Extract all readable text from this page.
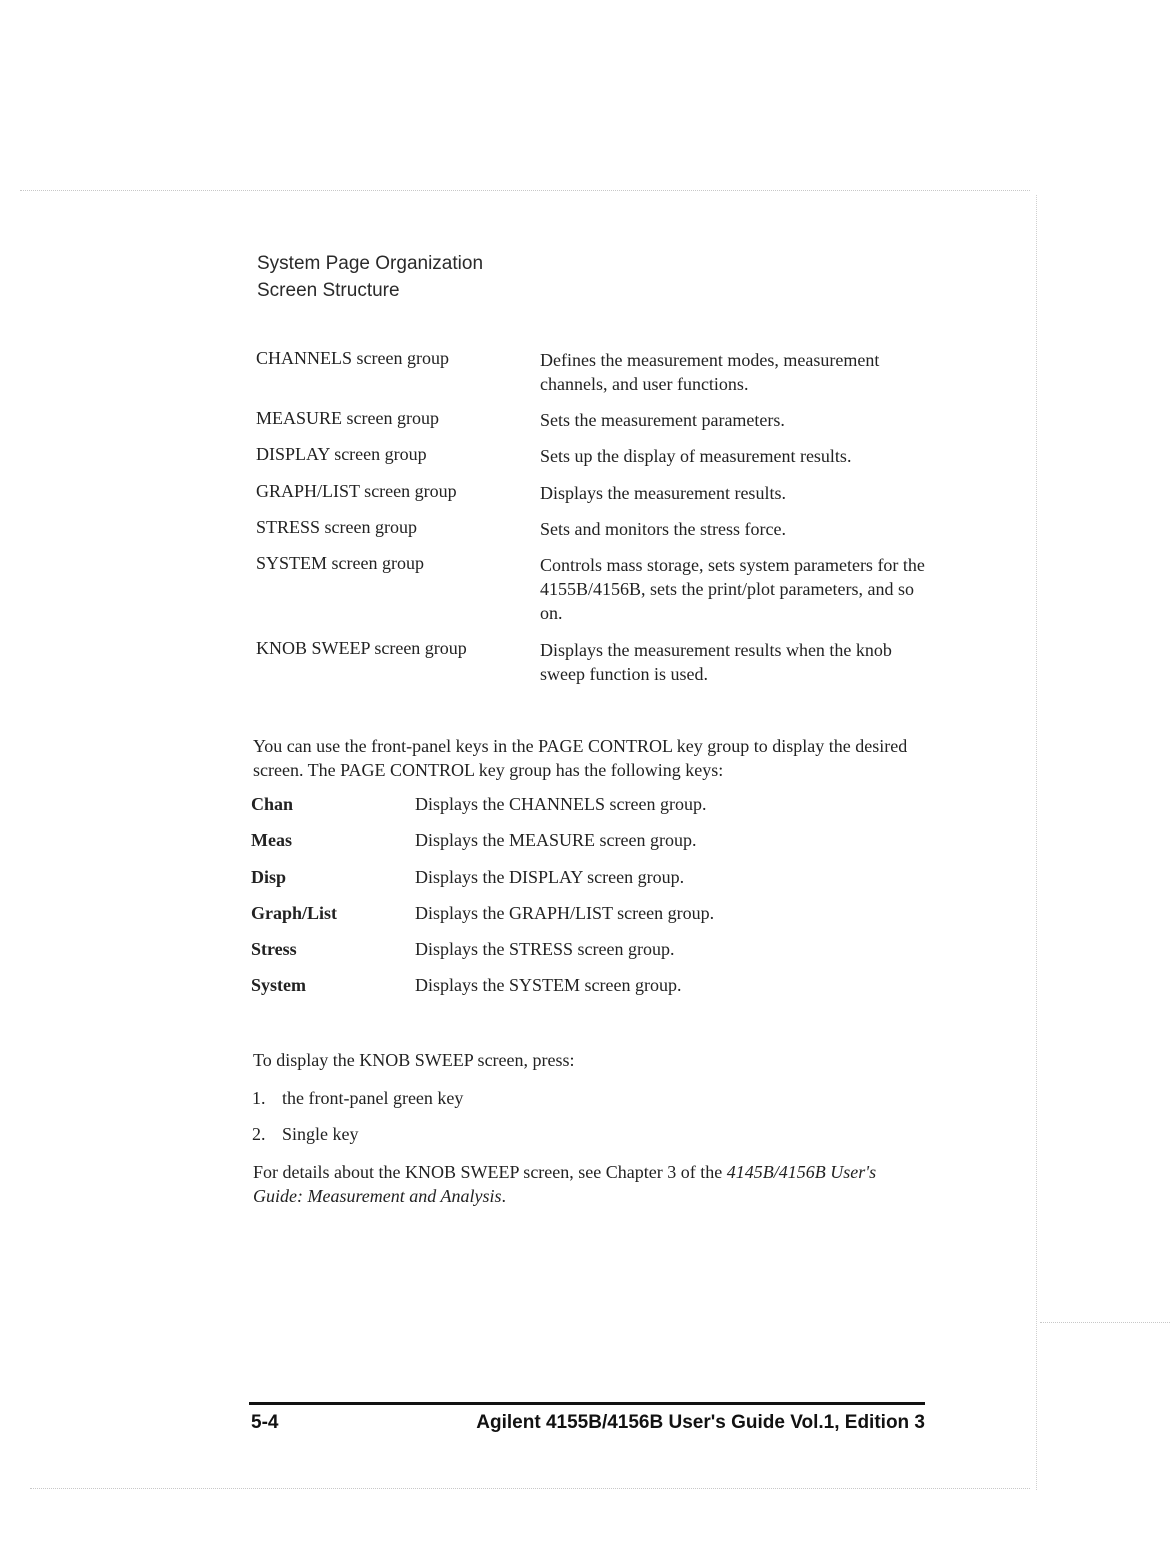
System Page Organization
Screen Structure
CHANNELS screen group	Defines the measurement modes, measurement channels, and user functions.
MEASURE screen group	Sets the measurement parameters.
DISPLAY screen group	Sets up the display of measurement results.
GRAPH/LIST screen group	Displays the measurement results.
STRESS screen group	Sets and monitors the stress force.
SYSTEM screen group	Controls mass storage, sets system parameters for the 4155B/4156B, sets the print/plot parameters, and so on.
KNOB SWEEP screen group	Displays the measurement results when the knob sweep function is used.
You can use the front-panel keys in the PAGE CONTROL key group to display the desired screen. The PAGE CONTROL key group has the following keys:
Chan	Displays the CHANNELS screen group.
Meas	Displays the MEASURE screen group.
Disp	Displays the DISPLAY screen group.
Graph/List	Displays the GRAPH/LIST screen group.
Stress	Displays the STRESS screen group.
System	Displays the SYSTEM screen group.
To display the KNOB SWEEP screen, press:
1. the front-panel green key
2. Single key
For details about the KNOB SWEEP screen, see Chapter 3 of the 4145B/4156B User's Guide: Measurement and Analysis.
5-4	Agilent 4155B/4156B User's Guide Vol.1, Edition 3
